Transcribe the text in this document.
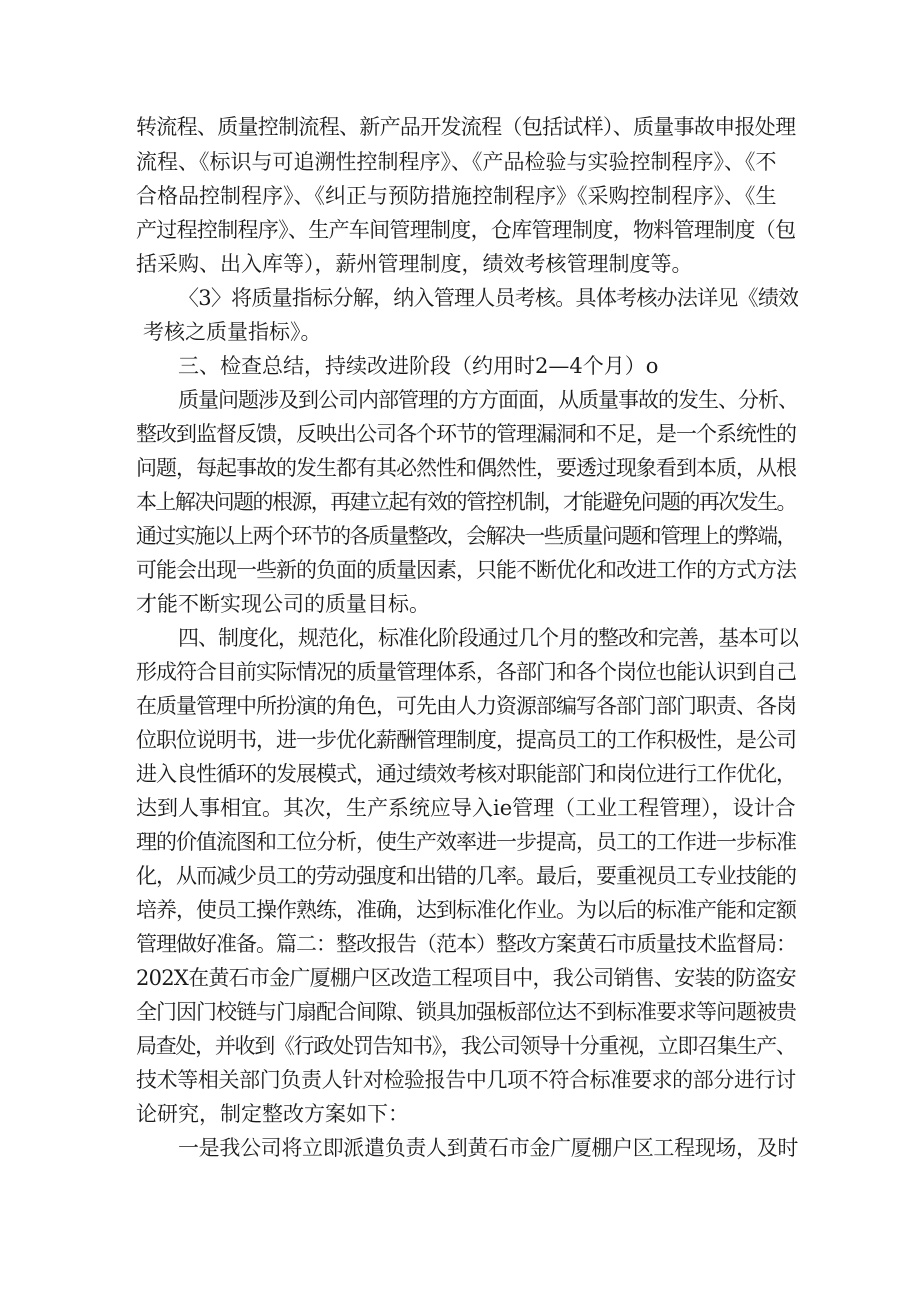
转流程、质量控制流程、新产品开发流程（包括试样）、质量事故申报处理
流程、《标识与可追溯性控制程序》、《产品检验与实验控制程序》、《不
合格品控制程序》、《纠正与预防措施控制程序》《采购控制程序》、《生
产过程控制程序》、生产车间管理制度，仓库管理制度，物料管理制度（包
括采购、出入库等），薪州管理制度，绩效考核管理制度等。
〈3〉将质量指标分解，纳入管理人员考核。具体考核办法详见《绩效
考核之质量指标》。
三、检查总结，持续改进阶段（约用时2—4个月）o
质量问题涉及到公司内部管理的方方面面，从质量事故的发生、分析、
整改到监督反馈，反映出公司各个环节的管理漏洞和不足，是一个系统性的
问题，每起事故的发生都有其必然性和偶然性，要透过现象看到本质，从根
本上解决问题的根源，再建立起有效的管控机制，才能避免问题的再次发生。
通过实施以上两个环节的各质量整改，会解决一些质量问题和管理上的弊端，
可能会出现一些新的负面的质量因素，只能不断优化和改进工作的方式方法
才能不断实现公司的质量目标。
四、制度化，规范化，标准化阶段通过几个月的整改和完善，基本可以
形成符合目前实际情况的质量管理体系，各部门和各个岗位也能认识到自己
在质量管理中所扮演的角色，可先由人力资源部编写各部门部门职责、各岗
位职位说明书，进一步优化薪酬管理制度，提高员工的工作积极性，是公司
进入良性循环的发展模式，通过绩效考核对职能部门和岗位进行工作优化，
达到人事相宜。其次，生产系统应导入ie管理（工业工程管理），设计合
理的价值流图和工位分析，使生产效率进一步提高，员工的工作进一步标准
化，从而减少员工的劳动强度和出错的几率。最后，要重视员工专业技能的
培养，使员工操作熟练，准确，达到标准化作业。为以后的标准产能和定额
管理做好准备。篇二：整改报告（范本）整改方案黄石市质量技术监督局：
202X在黄石市金广厦棚户区改造工程项目中，我公司销售、安装的防盗安
全门因门校链与门扇配合间隙、锁具加强板部位达不到标准要求等问题被贵
局查处，并收到《行政处罚告知书》，我公司领导十分重视，立即召集生产、
技术等相关部门负责人针对检验报告中几项不符合标准要求的部分进行讨
论研究，制定整改方案如下：
一是我公司将立即派遣负责人到黄石市金广厦棚户区工程现场，及时
